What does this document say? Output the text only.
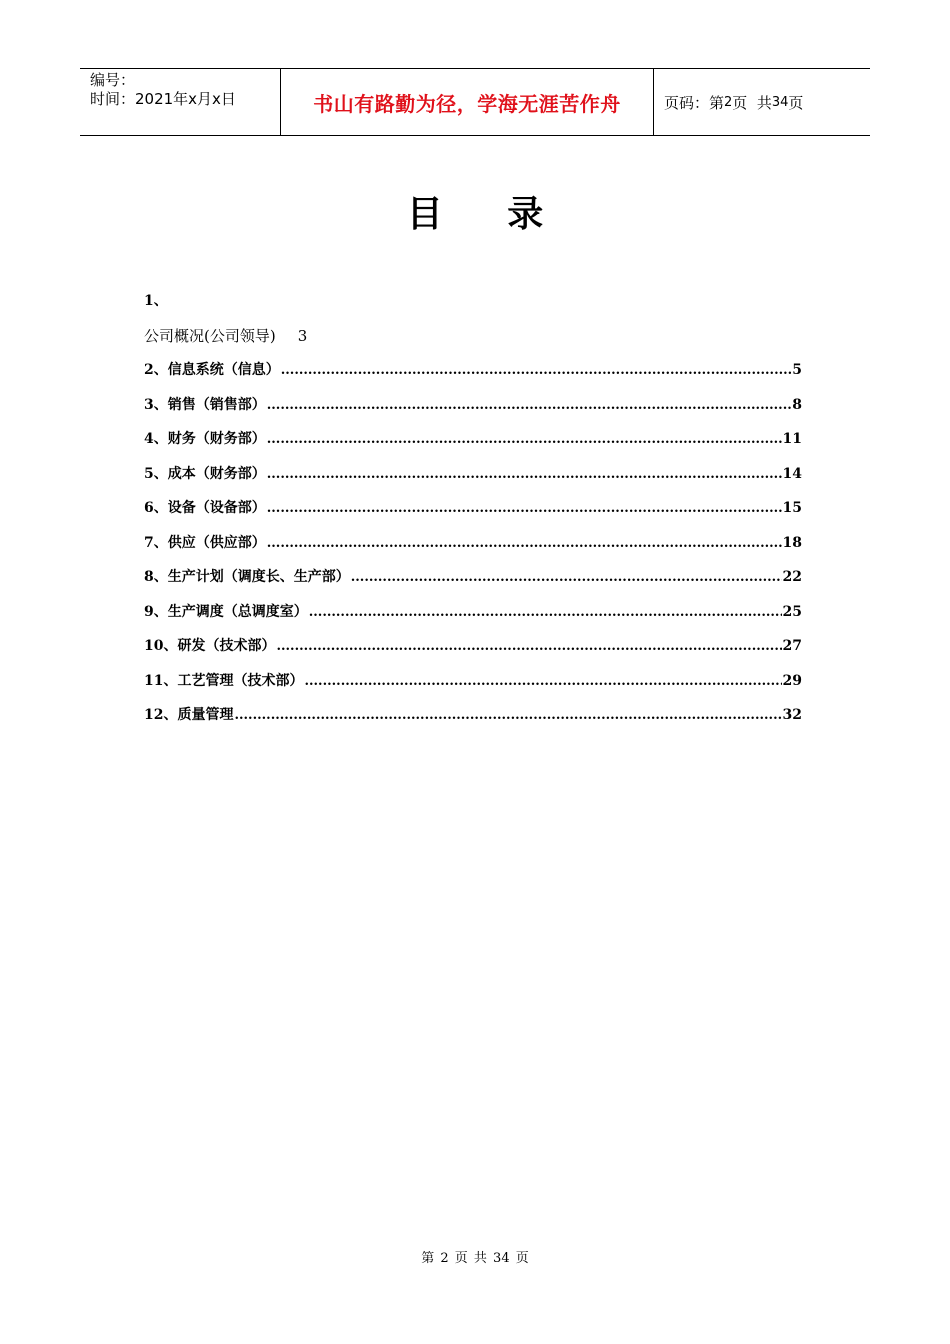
编号：
时间：2021年x月x日	书山有路勤为径，学海无涯苦作舟	页码：第 2 页  共 34 页
目 录
1、
公司概况(公司领导) 3
2、信息系统（信息） .....	5
3、销售（销售部） .....	8
4、财务（财务部） .....	11
5、成本（财务部） .....	14
6、设备（设备部） .....	15
7、供应（供应部） .....	18
8、生产计划（调度长、生产部） .....	22
9、生产调度（总调度室） .....	25
10、研发（技术部） .....	27
11、工艺管理（技术部） .....	29
12、质量管理 .....	32
第 2 页 共 34 页
